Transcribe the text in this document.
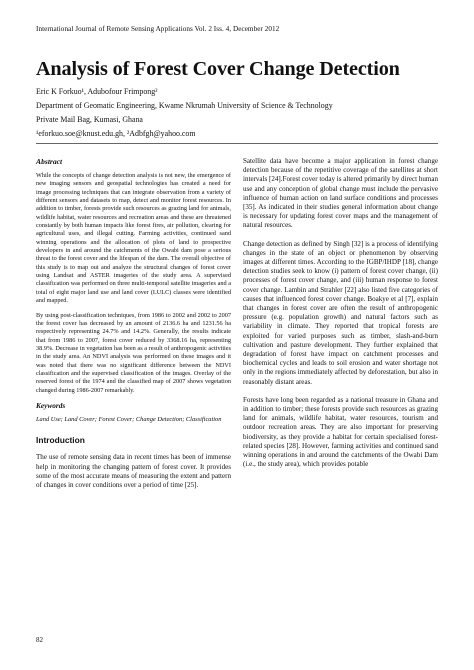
International Journal of Remote Sensing Applications Vol. 2 Iss. 4, December 2012
Analysis of Forest Cover Change Detection
Eric K Forkuo¹, Adubofour Frimpong²
Department of Geomatic Engineering, Kwame Nkrumah University of Science & Technology
Private Mail Bag, Kumasi, Ghana
¹eforkuo.soe@knust.edu.gh, ²Adbfgh@yahoo.com
Abstract

While the concepts of change detection analysis is not new, the emergence of new imaging sensors and geospatial technologies has created a need for image processing techniques that can integrate observation from a variety of different sensors and datasets to map, detect and monitor forest resources. In addition to timber, forests provide such resources as grazing land for animals, wildlife habitat, water resources and recreation areas and these are threatened constantly by both human impacts like forest fires, air pollution, clearing for agricultural uses, and illegal cutting. Farming activities, continued sand winning operations and the allocation of plots of land to prospective developers in and around the catchments of the Owabi dam pose a serious threat to the forest cover and the lifespan of the dam. The overall objective of this study is to map out and analyze the structural changes of forest cover using Landsat and ASTER imageries of the study area. A supervised classification was performed on three multi-temporal satellite imageries and a total of eight major land use and land cover (LULC) classes were identified and mapped.

By using post-classification techniques, from 1986 to 2002 and 2002 to 2007 the forest cover has decreased by an amount of 2136.6 ha and 1231.56 ha respectively representing 24.7% and 14.2%. Generally, the results indicate that from 1986 to 2007, forest cover reduced by 3368.16 ha, representing 38.9%. Decrease in vegetation has been as a result of anthropogenic activities in the study area. An NDVI analysis was performed on these images and it was noted that there was no significant difference between the NDVI classification and the supervised classification of the images. Overlay of the reserved forest of the 1974 and the classified map of 2007 shows vegetation changed during 1986-2007 remarkably.

Keywords

Land Use; Land Cover; Forest Cover; Change Detection; Classification

Introduction

The use of remote sensing data in recent times has been of immense help in monitoring the changing pattern of forest cover. It provides some of the most accurate means of measuring the extent and pattern of changes in cover conditions over a period of time [25].

Satellite data have become a major application in forest change detection because of the repetitive coverage of the satellites at short intervals [24].Forest cover today is altered primarily by direct human use and any conception of global change must include the pervasive influence of human action on land surface conditions and processes [35]. As indicated in their studies general information about change is necessary for updating forest cover maps and the management of natural resources.

Change detection as defined by Singh [32] is a process of identifying changes in the state of an object or phenomenon by observing images at different times. According to the IGBP/IHDP [18], change detection studies seek to know (i) pattern of forest cover change, (ii) processes of forest cover change, and (iii) human response to forest cover change. Lambin and Strahler [22] also listed five categories of causes that influenced forest cover change. Boakye et al [7], explain that changes in forest cover are often the result of anthropogenic pressure (e.g. population growth) and natural factors such as variability in climate. They reported that tropical forests are exploited for varied purposes such as timber, slash-and-burn cultivation and pasture development. They further explained that degradation of forest have impact on catchment processes and biochemical cycles and leads to soil erosion and water shortage not only in the regions immediately affected by deforestation, but also in reasonably distant areas.

Forests have long been regarded as a national treasure in Ghana and in addition to timber; these forests provide such resources as grazing land for animals, wildlife habitat, water resources, tourism and outdoor recreation areas. They are also important for preserving biodiversity, as they provide a habitat for certain specialised forest-related species [28]. However, farming activities and continued sand winning operations in and around the catchments of the Owabi Dam (i.e., the study area), which provides potable

82
